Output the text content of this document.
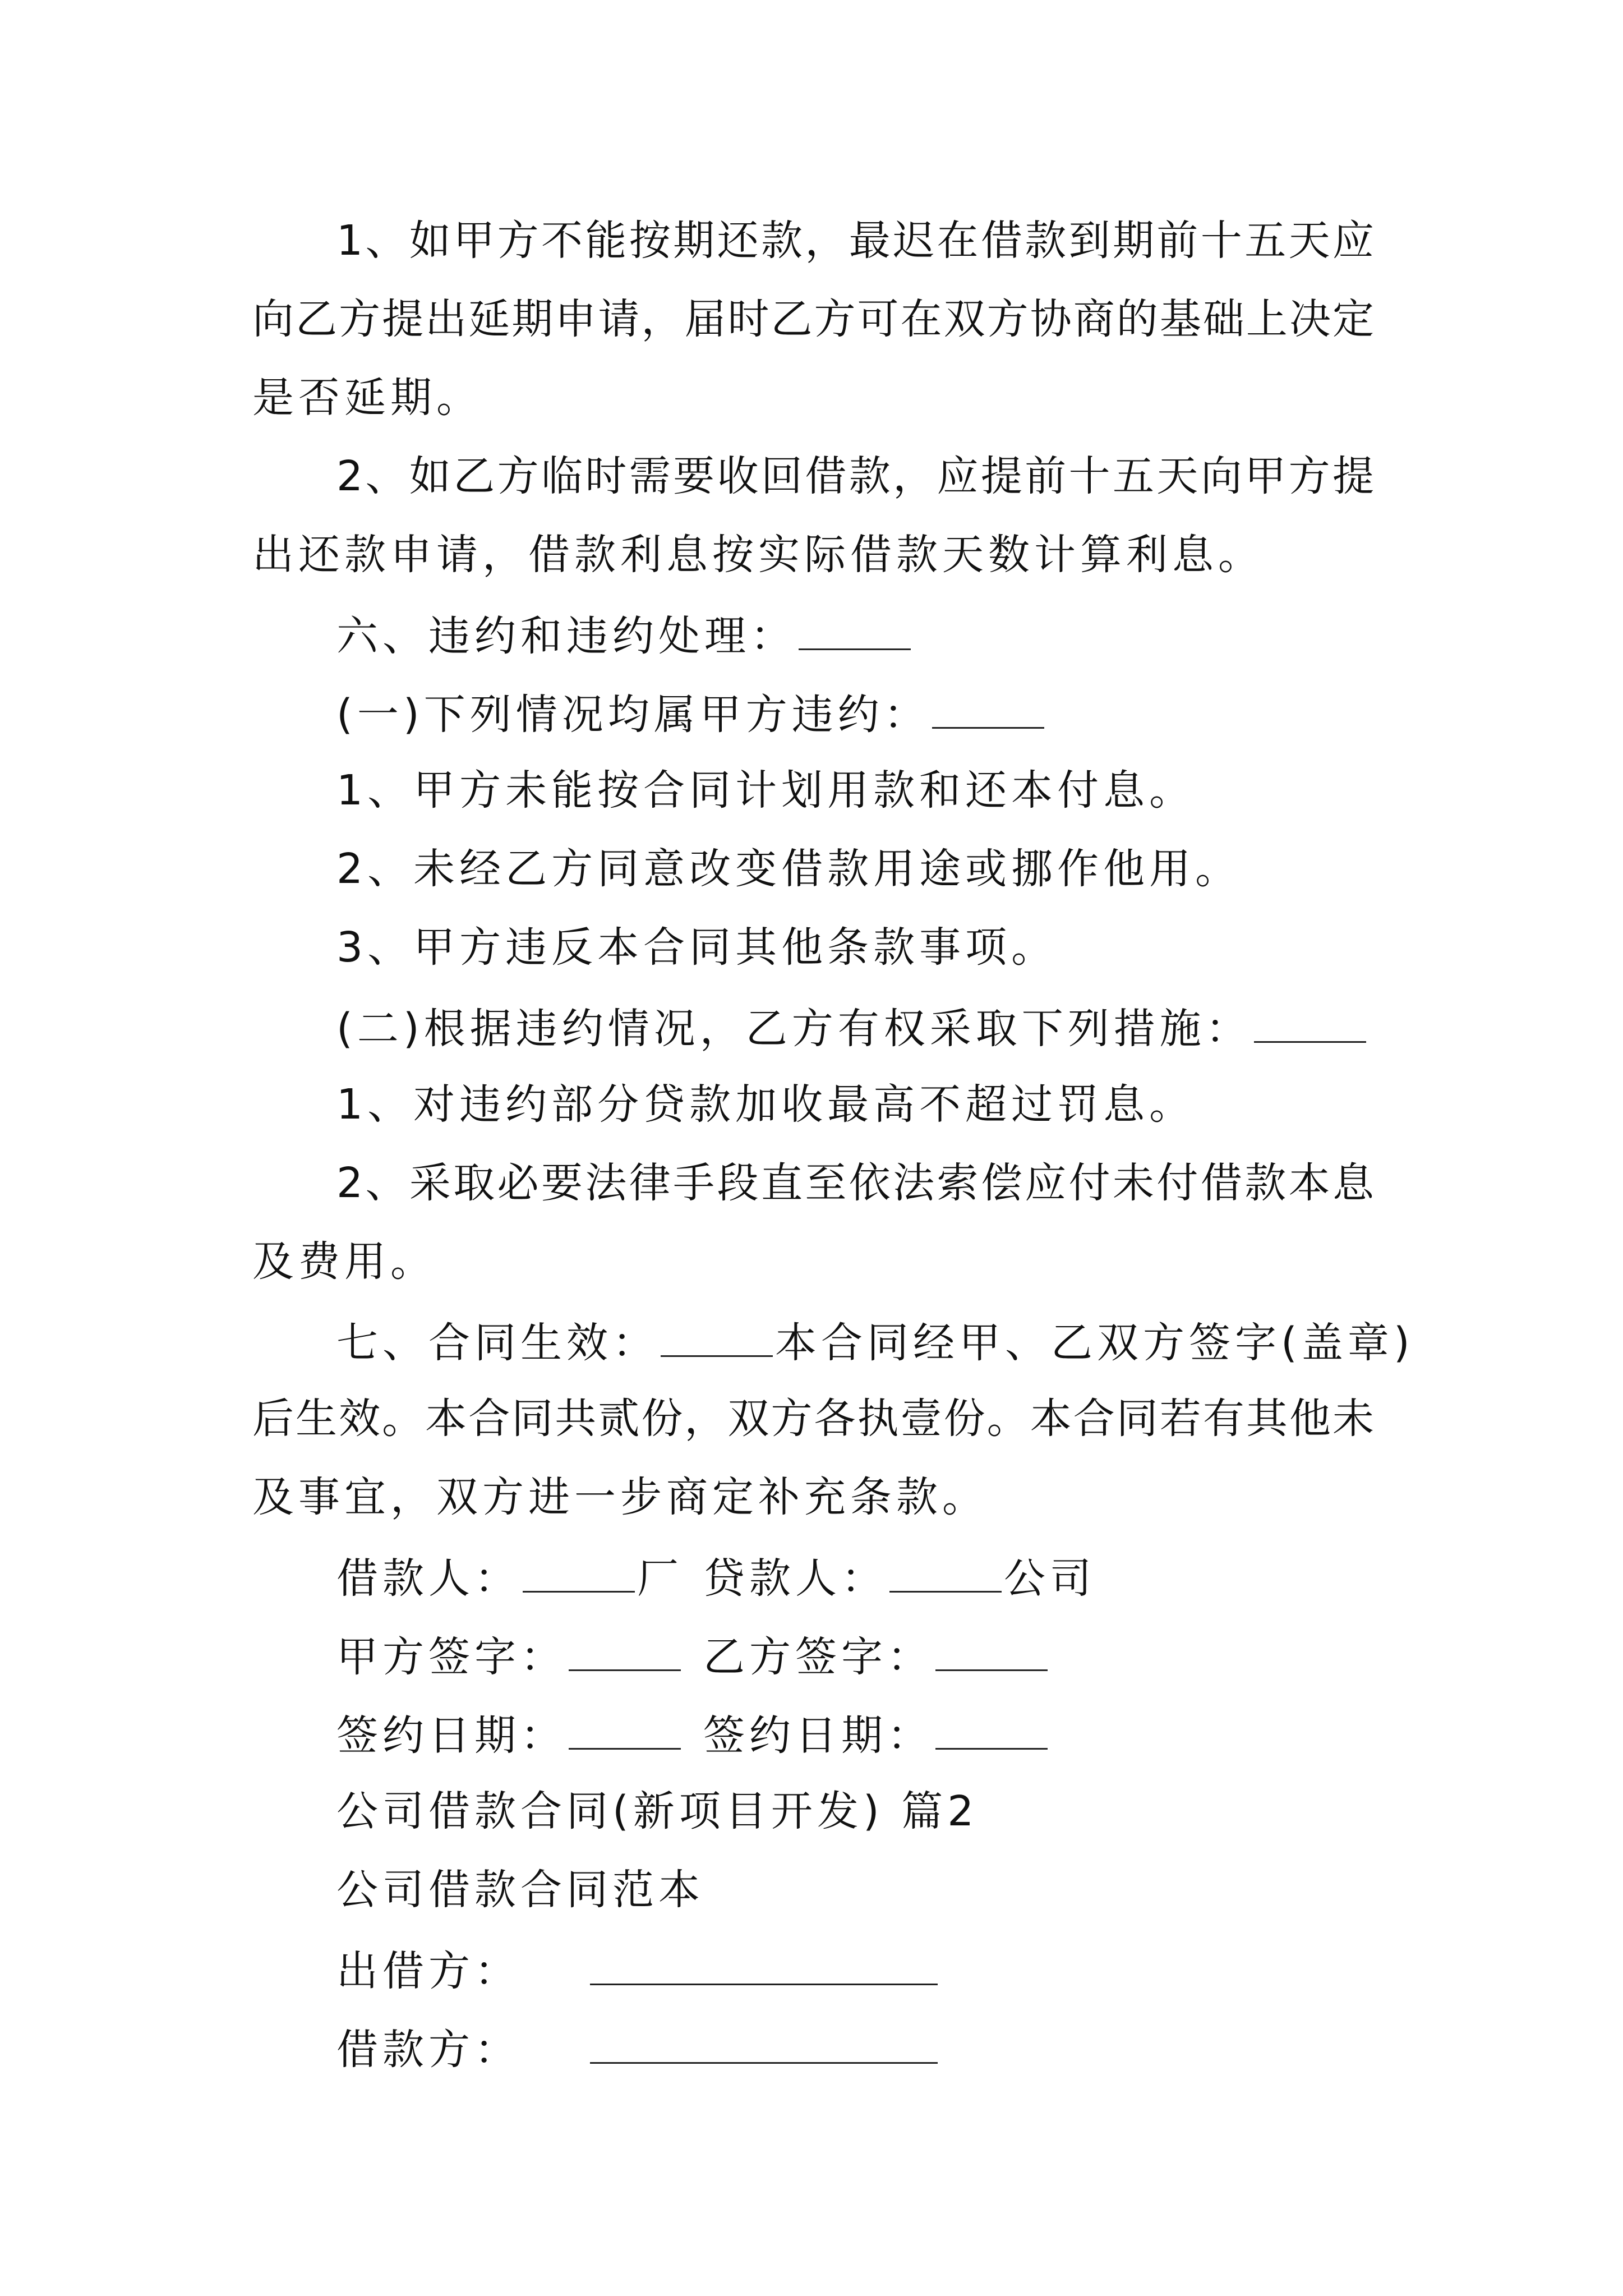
1、如甲方不能按期还款，最迟在借款到期前十五天应
向乙方提出延期申请，届时乙方可在双方协商的基础上决定
是否延期。
2、如乙方临时需要收回借款，应提前十五天向甲方提
出还款申请，借款利息按实际借款天数计算利息。
六、违约和违约处理：
(一)下列情况均属甲方违约：
1、甲方未能按合同计划用款和还本付息。
2、未经乙方同意改变借款用途或挪作他用。
3、甲方违反本合同其他条款事项。
(二)根据违约情况，乙方有权采取下列措施：
1、对违约部分贷款加收最高不超过罚息。
2、采取必要法律手段直至依法索偿应付未付借款本息
及费用。
七、合同生效：	本合同经甲、乙双方签字(盖章)
后生效。本合同共贰份，双方各执壹份。本合同若有其他未
及事宜，双方进一步商定补充条款。
借款人：	厂 贷款人：	公司
甲方签字：	乙方签字：
签约日期：	签约日期：
公司借款合同(新项目开发) 篇2
公司借款合同范本
出借方：
借款方：
